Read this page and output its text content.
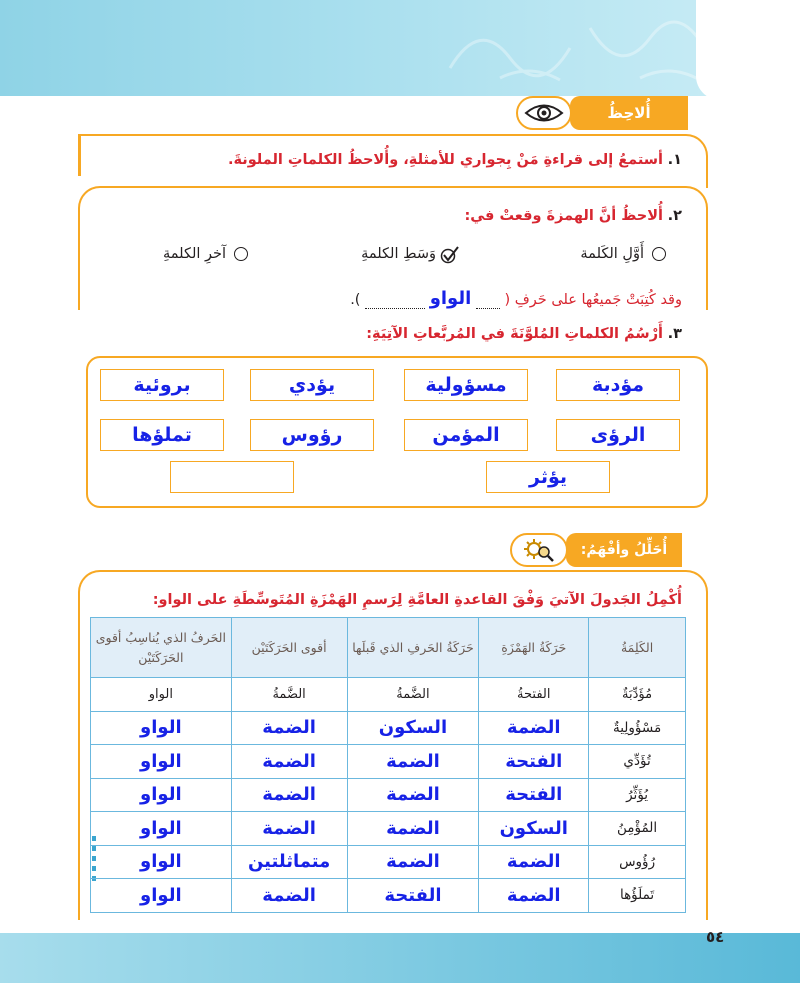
أُلاحِظُ
١. أستمعُ إلى قراءةِ مَنْ بِجواري للأمثلةِ، وأُلاحظُ الكلماتِ الملونةَ.
٢. أُلاحظُ أنَّ الهمزةَ وقعتْ في:
أَوَّلِ الكَلمة
وَسَطِ الكلمةِ
آخرِ الكلمةِ
وقد كُتِبَتْ جَميعُها على حَرفِ (  الواو  ).
٣. أَرْسُمُ الكلماتِ المُلوَّنَةَ في المُربَّعاتِ الآتِيَةِ:
مؤدبة
مسؤولية
يؤدي
بروئية
الرؤى
المؤمن
رؤوس
تملؤها
يؤثر
أُحَلِّلُ وأفْهَمُ:
أُكْمِلُ الجَدولَ الآتيَ وَفْقَ القاعدةِ العامَّةِ لِرَسمِ الهَمْزَةِ المُتَوسِّطَةِ على الواو:
الكَلِمَةُ	حَرَكَةُ الهَمْزَةِ	حَرَكَةُ الحَرفِ الذي قَبلَها	أقوى الحَرَكَتَيْن	الحَرفُ الذي يُناسِبُ أقوى الحَرَكَتَيْن
مُؤَدِّبَةٌ	الفتحةُ	الضَّمةُ	الضَّمةُ	الواو
مَسْؤُولِيةٌ	الضمة	السكون	الضمة	الواو
تُؤَدِّي	الفتحة	الضمة	الضمة	الواو
يُؤَثِّرُ	الفتحة	الضمة	الضمة	الواو
المُؤْمِنُ	السكون	الضمة	الضمة	الواو
رُؤُوس	الضمة	الضمة	متماثلتين	الواو
تَملَؤُها	الضمة	الفتحة	الضمة	الواو
٥٤
